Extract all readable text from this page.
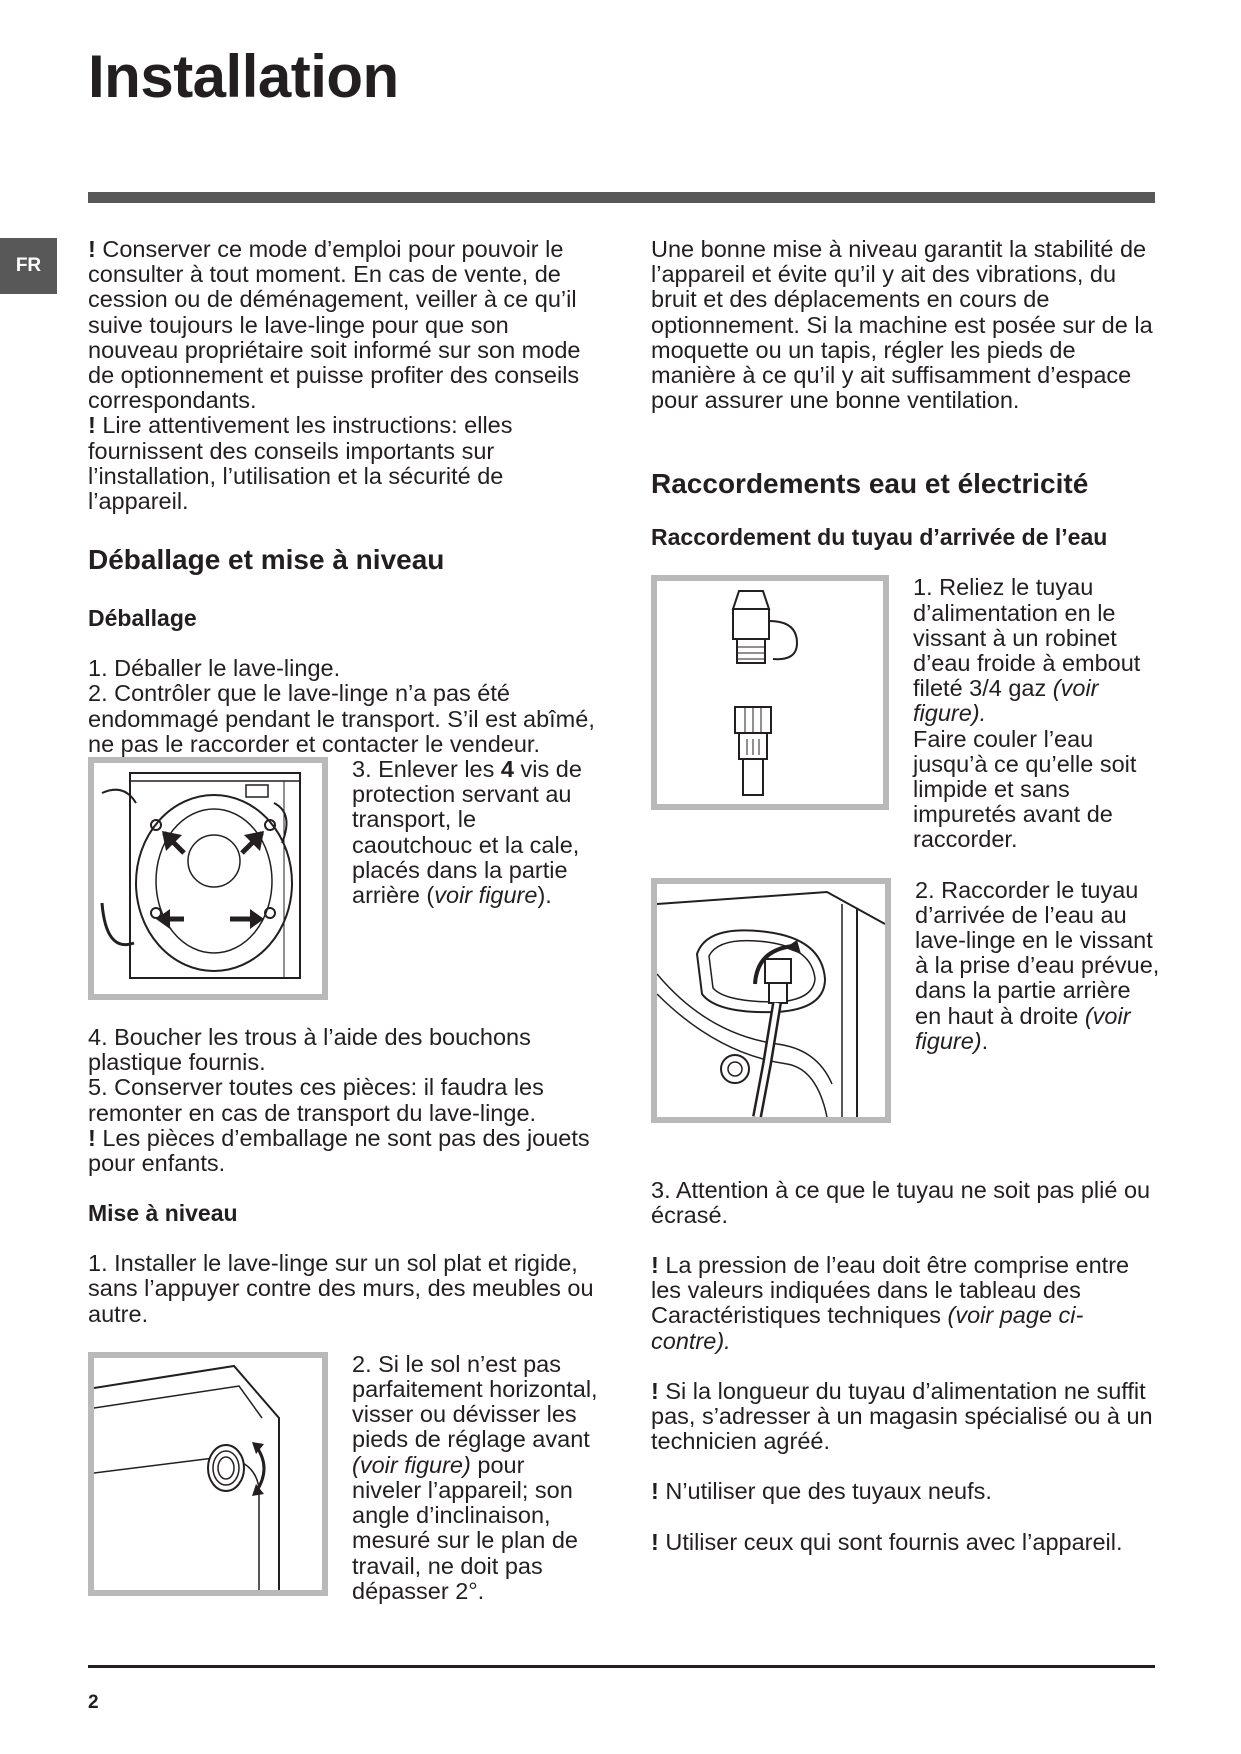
Installation
FR

! Conserver ce mode d’emploi pour pouvoir le consulter à tout moment. En cas de vente, de cession ou de déménagement, veiller à ce qu’il suive toujours le lave-linge pour que son nouveau propriétaire soit informé sur son mode de optionnement et puisse profiter des conseils correspondants.

! Lire attentivement les instructions: elles fournissent des conseils importants sur l’installation, l’utilisation et la sécurité de l’appareil.

Déballage et mise à niveau
Déballage

1. Déballer le lave-linge.

2. Contrôler que le lave-linge n’a pas été endommagé pendant le transport. S’il est abîmé, ne pas le raccorder et contacter le vendeur.

3. Enlever les 4 vis de protection servant au transport, le caoutchouc et la cale, placés dans la partie arrière (voir figure).

4. Boucher les trous à l’aide des bouchons plastique fournis.

5. Conserver toutes ces pièces: il faudra les remonter en cas de transport du lave-linge.

! Les pièces d’emballage ne sont pas des jouets pour enfants.

Mise à niveau

1. Installer le lave-linge sur un sol plat et rigide, sans l’appuyer contre des murs, des meubles ou autre.

2. Si le sol n’est pas parfaitement horizontal, visser ou dévisser les pieds de réglage avant (voir figure) pour niveler l’appareil; son angle d’inclinaison, mesuré sur le plan de travail, ne doit pas dépasser 2°.

Une bonne mise à niveau garantit la stabilité de l’appareil et évite qu’il y ait des vibrations, du bruit et des déplacements en cours de optionnement. Si la machine est posée sur de la moquette ou un tapis, régler les pieds de manière à ce qu’il y ait suffisamment d’espace pour assurer une bonne ventilation.

Raccordements eau et électricité
Raccordement du tuyau d’arrivée de l’eau
1. Reliez le tuyau d’alimentation en le vissant à un robinet d’eau froide à embout fileté 3/4 gaz (voir figure).
Faire couler l’eau jusqu’à ce qu’elle soit limpide et sans impuretés avant de raccorder.
2. Raccorder le tuyau d’arrivée de l’eau au lave-linge en le vissant à la prise d’eau prévue, dans la partie arrière en haut à droite (voir figure).

3. Attention à ce que le tuyau ne soit pas plié ou écrasé.

! La pression de l’eau doit être comprise entre les valeurs indiquées dans le tableau des Caractéristiques techniques (voir page ci-contre).

! Si la longueur du tuyau d’alimentation ne suffit pas, s’adresser à un magasin spécialisé ou à un technicien agréé.

! N’utiliser que des tuyaux neufs.

! Utiliser ceux qui sont fournis avec l’appareil.

2
